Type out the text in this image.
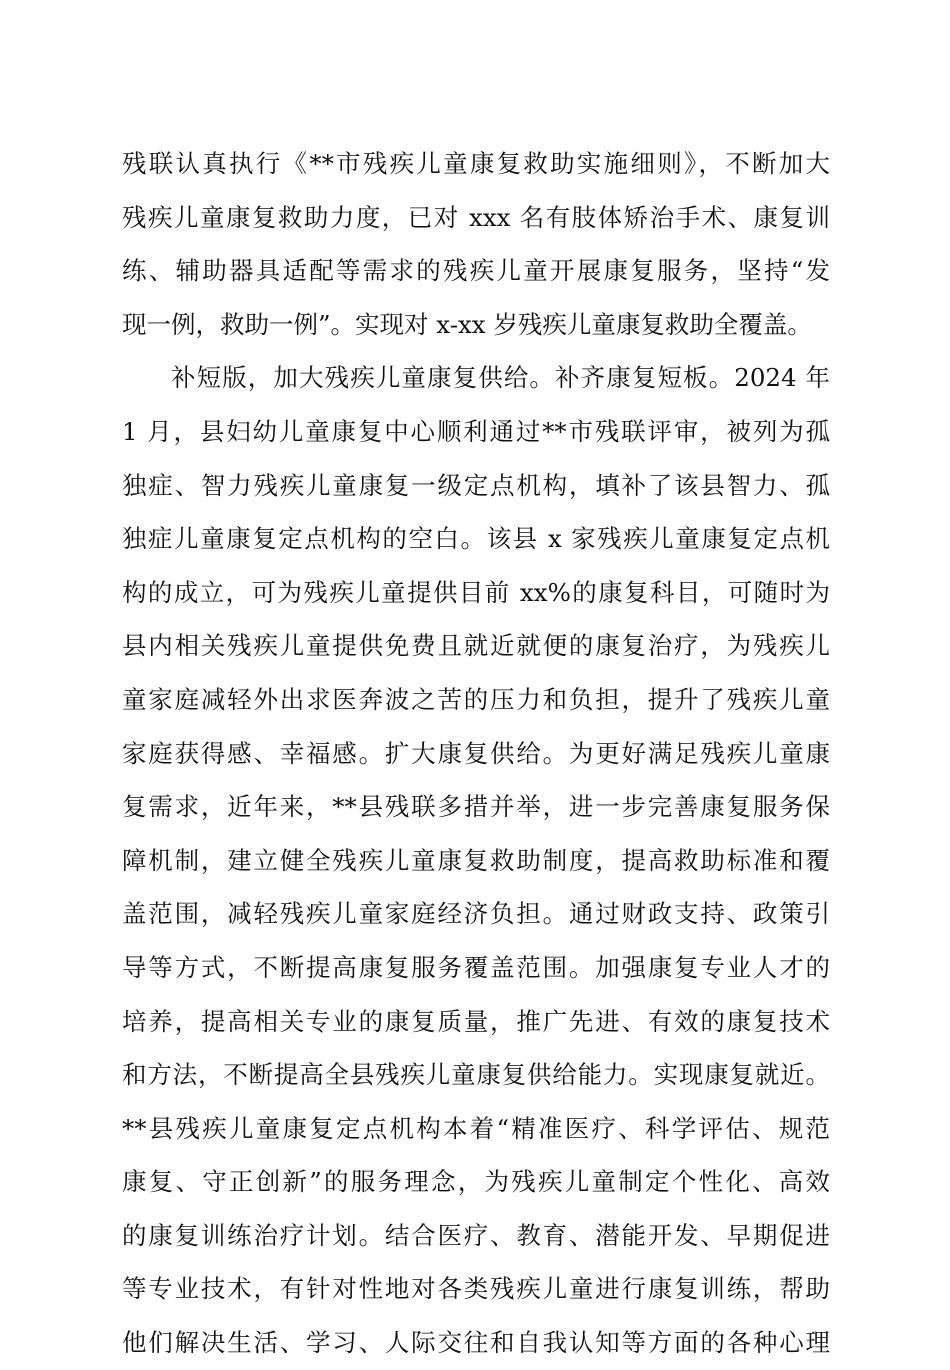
残联认真执行《**市残疾儿童康复救助实施细则》，不断加大
残疾儿童康复救助力度，已对 xxx 名有肢体矫治手术、康复训
练、辅助器具适配等需求的残疾儿童开展康复服务，坚持“发
现一例，救助一例”。实现对 x-xx 岁残疾儿童康复救助全覆盖。
补短版，加大残疾儿童康复供给。补齐康复短板。2024 年
1 月，县妇幼儿童康复中心顺利通过**市残联评审，被列为孤
独症、智力残疾儿童康复一级定点机构，填补了该县智力、孤
独症儿童康复定点机构的空白。该县 x 家残疾儿童康复定点机
构的成立，可为残疾儿童提供目前 xx%的康复科目，可随时为
县内相关残疾儿童提供免费且就近就便的康复治疗，为残疾儿
童家庭减轻外出求医奔波之苦的压力和负担，提升了残疾儿童
家庭获得感、幸福感。扩大康复供给。为更好满足残疾儿童康
复需求，近年来，**县残联多措并举，进一步完善康复服务保
障机制，建立健全残疾儿童康复救助制度，提高救助标准和覆
盖范围，减轻残疾儿童家庭经济负担。通过财政支持、政策引
导等方式，不断提高康复服务覆盖范围。加强康复专业人才的
培养，提高相关专业的康复质量，推广先进、有效的康复技术
和方法，不断提高全县残疾儿童康复供给能力。实现康复就近。
**县残疾儿童康复定点机构本着“精准医疗、科学评估、规范
康复、守正创新”的服务理念，为残疾儿童制定个性化、高效
的康复训练治疗计划。结合医疗、教育、潜能开发、早期促进
等专业技术，有针对性地对各类残疾儿童进行康复训练，帮助
他们解决生活、学习、人际交往和自我认知等方面的各种心理
